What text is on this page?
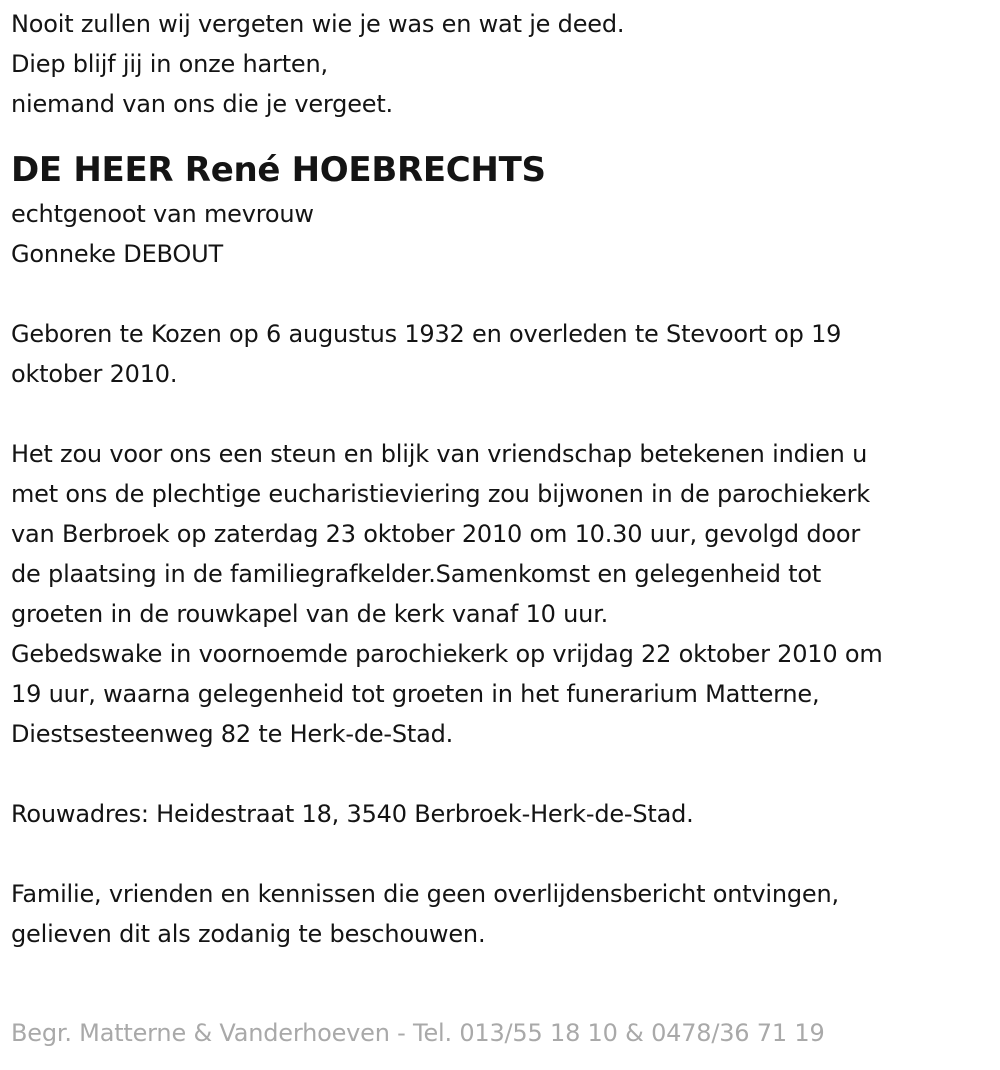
Nooit zullen wij vergeten wie je was en wat je deed.
Diep blijf jij in onze harten,
niemand van ons die je vergeet.
DE HEER René HOEBRECHTS
echtgenoot van mevrouw
Gonneke DEBOUT
Geboren te Kozen op 6 augustus 1932 en overleden te Stevoort op 19
oktober 2010.
Het zou voor ons een steun en blijk van vriendschap betekenen indien u
met ons de plechtige eucharistieviering zou bijwonen in de parochiekerk
van Berbroek op zaterdag 23 oktober 2010 om 10.30 uur, gevolgd door
de plaatsing in de familiegrafkelder.Samenkomst en gelegenheid tot
groeten in de rouwkapel van de kerk vanaf 10 uur.
Gebedswake in voornoemde parochiekerk op vrijdag 22 oktober 2010 om
19 uur, waarna gelegenheid tot groeten in het funerarium Matterne,
Diestsesteenweg 82 te Herk-de-Stad.
Rouwadres: Heidestraat 18, 3540 Berbroek-Herk-de-Stad.
Familie, vrienden en kennissen die geen overlijdensbericht ontvingen,
gelieven dit als zodanig te beschouwen.
Begr. Matterne & Vanderhoeven - Tel. 013/55 18 10 & 0478/36 71 19
